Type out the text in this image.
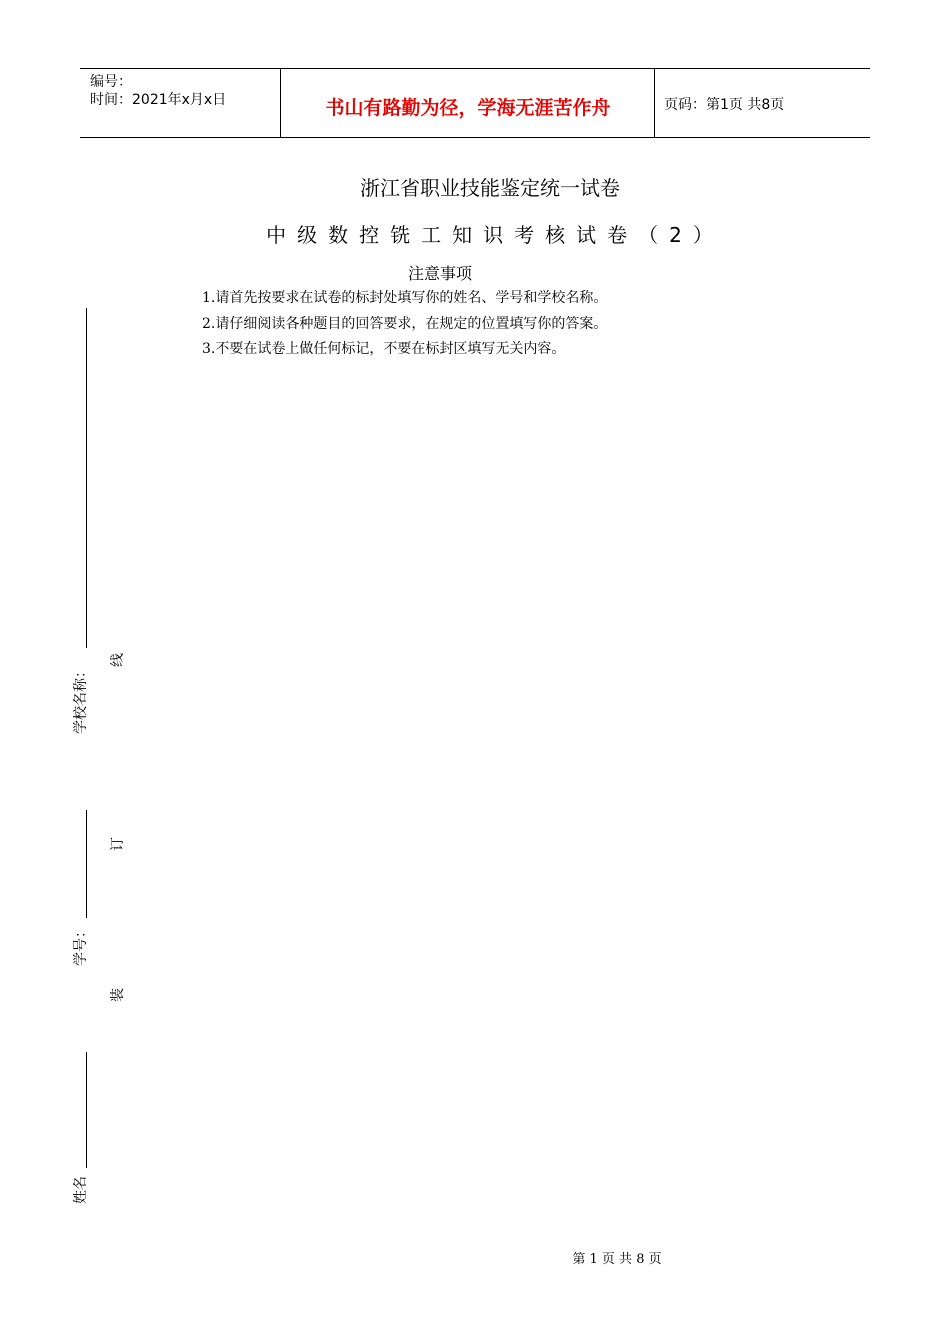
编号：
时间：2021年x月x日	书山有路勤为径，学海无涯苦作舟	页码：第1页 共8页
浙江省职业技能鉴定统一试卷
中级数控铣工知识考核试卷（2）
注意事项
1.请首先按要求在试卷的标封处填写你的姓名、学号和学校名称。
2.请仔细阅读各种题目的回答要求，在规定的位置填写你的答案。
3.不要在试卷上做任何标记，不要在标封区填写无关内容。
学校名称：
学号：
姓名
线
订
装
第 1 页 共 8 页
